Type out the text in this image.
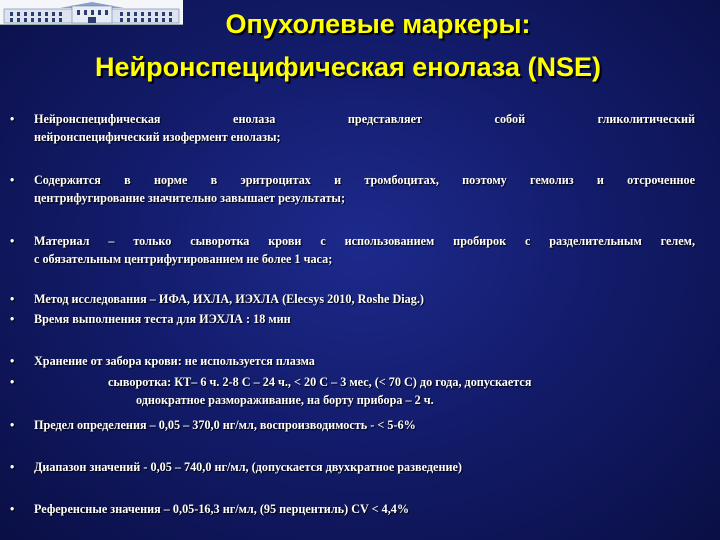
Опухолевые маркеры:
Нейронспецифическая енолаза (NSE)
• Нейронспецифическая енолаза представляет собой гликолитический
нейронспецифический изофермент енолазы;
• Содержится в норме в эритроцитах и тромбоцитах, поэтому гемолиз и отсроченное
центрифугирование значительно завышает результаты;
• Материал – только сыворотка крови с использованием пробирок с разделительным гелем,
с обязательным центрифугированием не более 1 часа;
• Метод исследования – ИФА, ИХЛА, ИЭХЛА (Elecsys 2010, Roshe Diag.)
• Время выполнения теста для ИЭХЛА : 18 мин
• Хранение от забора крови: не используется плазма
•	сыворотка: КТ– 6 ч. 2-8 С – 24 ч., < 20 С – 3 мес, (< 70 С) до года, допускается
однократное размораживание, на борту прибора – 2 ч.
• Предел определения – 0,05 – 370,0 нг/мл, воспроизводимость - < 5-6%
• Диапазон значений - 0,05 – 740,0 нг/мл, (допускается двухкратное разведение)
• Референсные значения – 0,05-16,3 нг/мл, (95 перцентиль) CV < 4,4%
